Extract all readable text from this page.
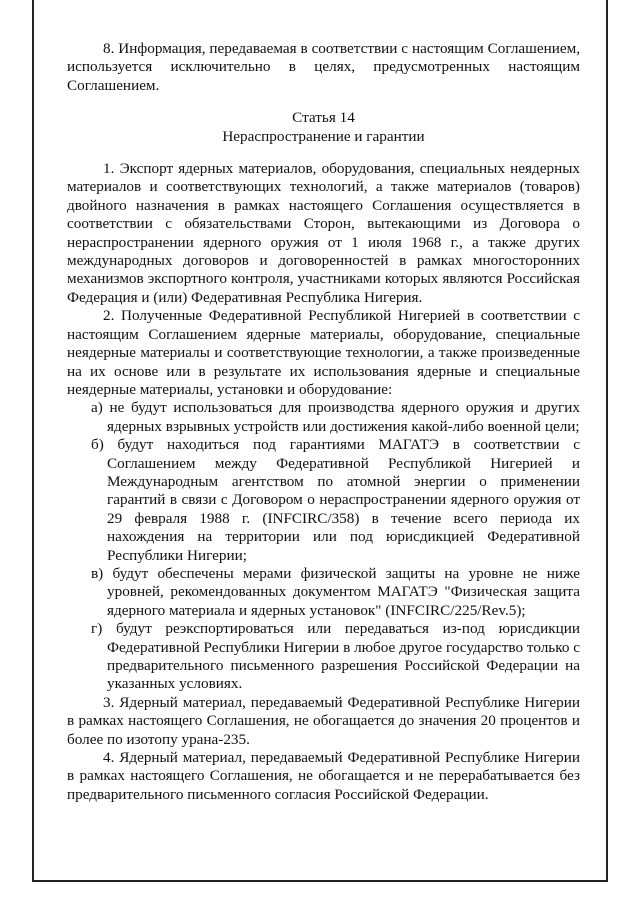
8. Информация, передаваемая в соответствии с настоящим Соглашением, используется исключительно в целях, предусмотренных настоящим Соглашением.

Статья 14

Нераспространение и гарантии

1. Экспорт ядерных материалов, оборудования, специальных неядерных материалов и соответствующих технологий, а также материалов (товаров) двойного назначения в рамках настоящего Соглашения осуществляется в соответствии с обязательствами Сторон, вытекающими из Договора о нераспространении ядерного оружия от 1 июля 1968 г., а также других международных договоров и договоренностей в рамках многосторонних механизмов экспортного контроля, участниками которых являются Российская Федерация и (или) Федеративная Республика Нигерия.

2. Полученные Федеративной Республикой Нигерией в соответствии с настоящим Соглашением ядерные материалы, оборудование, специальные неядерные материалы и соответствующие технологии, а также произведенные на их основе или в результате их использования ядерные и специальные неядерные материалы, установки и оборудование:

а) не будут использоваться для производства ядерного оружия и других ядерных взрывных устройств или достижения какой-либо военной цели;

б) будут находиться под гарантиями МАГАТЭ в соответствии с Соглашением между Федеративной Республикой Нигерией и Международным агентством по атомной энергии о применении гарантий в связи с Договором о нераспространении ядерного оружия от 29 февраля 1988 г. (INFCIRC/358) в течение всего периода их нахождения на территории или под юрисдикцией Федеративной Республики Нигерии;

в) будут обеспечены мерами физической защиты на уровне не ниже уровней, рекомендованных документом МАГАТЭ "Физическая защита ядерного материала и ядерных установок" (INFCIRC/225/Rev.5);

г) будут реэкспортироваться или передаваться из-под юрисдикции Федеративной Республики Нигерии в любое другое государство только с предварительного письменного разрешения Российской Федерации на указанных условиях.

3. Ядерный материал, передаваемый Федеративной Республике Нигерии в рамках настоящего Соглашения, не обогащается до значения 20 процентов и более по изотопу урана-235.

4. Ядерный материал, передаваемый Федеративной Республике Нигерии в рамках настоящего Соглашения, не обогащается и не перерабатывается без предварительного письменного согласия Российской Федерации.
